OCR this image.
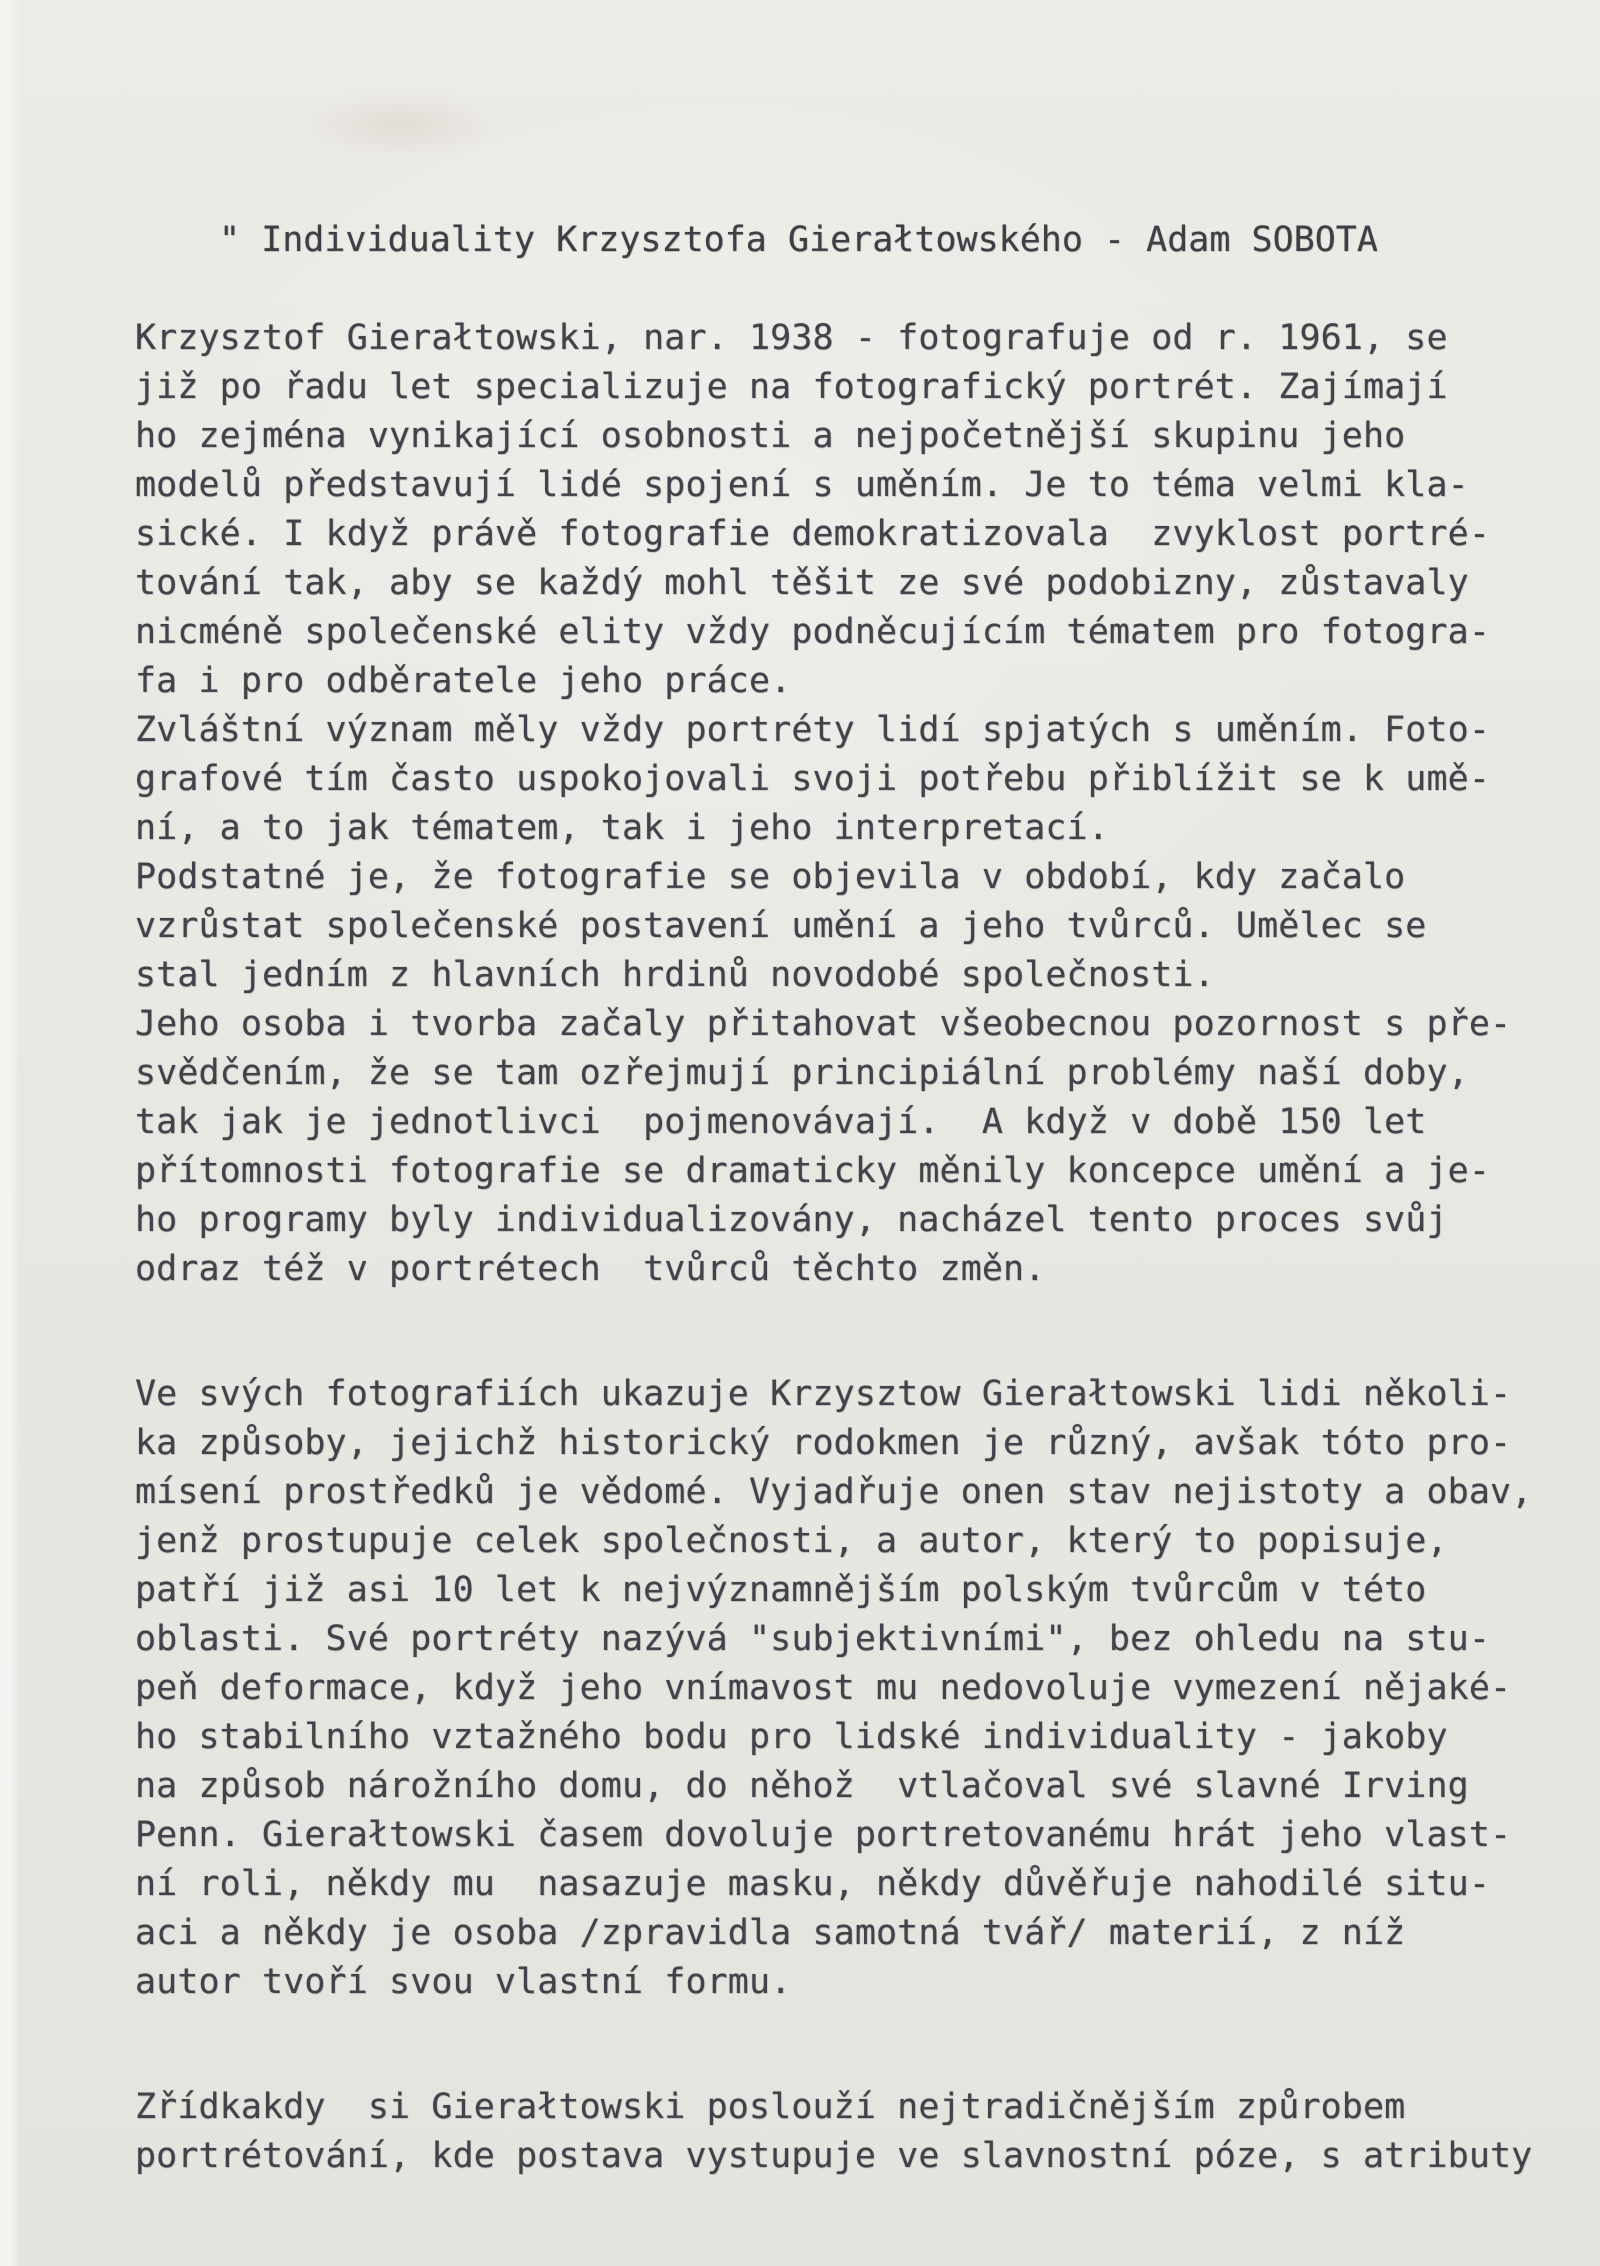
" Individuality Krzysztofa Gierałtowského - Adam SOBOTA
Krzysztof Gierałtowski, nar. 1938 - fotografuje od r. 1961, se
již po řadu let specializuje na fotografický portrét. Zajímají
ho zejména vynikající osobnosti a nejpočetnější skupinu jeho
modelů představují lidé spojení s uměním. Je to téma velmi kla-
sické. I když právě fotografie demokratizovala  zvyklost portré-
tování tak, aby se každý mohl těšit ze své podobizny, zůstavaly
nicméně společenské elity vždy podněcujícím tématem pro fotogra-
fa i pro odběratele jeho práce.
Zvláštní význam měly vždy portréty lidí spjatých s uměním. Foto-
grafové tím často uspokojovali svoji potřebu přiblížit se k umě-
ní, a to jak tématem, tak i jeho interpretací.
Podstatné je, že fotografie se objevila v období, kdy začalo
vzrůstat společenské postavení umění a jeho tvůrců. Umělec se
stal jedním z hlavních hrdinů novodobé společnosti.
Jeho osoba i tvorba začaly přitahovat všeobecnou pozornost s pře-
svědčením, že se tam ozřejmují principiální problémy naší doby,
tak jak je jednotlivci  pojmenovávají.  A když v době 150 let
přítomnosti fotografie se dramaticky měnily koncepce umění a je-
ho programy byly individualizovány, nacházel tento proces svůj
odraz též v portrétech  tvůrců těchto změn.
Ve svých fotografiích ukazuje Krzysztow Gierałtowski lidi několi-
ka způsoby, jejichž historický rodokmen je různý, avšak tóto pro-
mísení prostředků je vědomé. Vyjadřuje onen stav nejistoty a obav,
jenž prostupuje celek společnosti, a autor, který to popisuje,
patří již asi 10 let k nejvýznamnějším polským tvůrcům v této
oblasti. Své portréty nazývá "subjektivními", bez ohledu na stu-
peň deformace, když jeho vnímavost mu nedovoluje vymezení nějaké-
ho stabilního vztažného bodu pro lidské individuality - jakoby
na způsob nárožního domu, do něhož  vtlačoval své slavné Irving
Penn. Gierałtowski časem dovoluje portretovanému hrát jeho vlast-
ní roli, někdy mu  nasazuje masku, někdy důvěřuje nahodilé situ-
aci a někdy je osoba /zpravidla samotná tvář/ materií, z níž
autor tvoří svou vlastní formu.
Zřídkakdy  si Gierałtowski poslouží nejtradičnějším způrobem
portrétování, kde postava vystupuje ve slavnostní póze, s atributy
